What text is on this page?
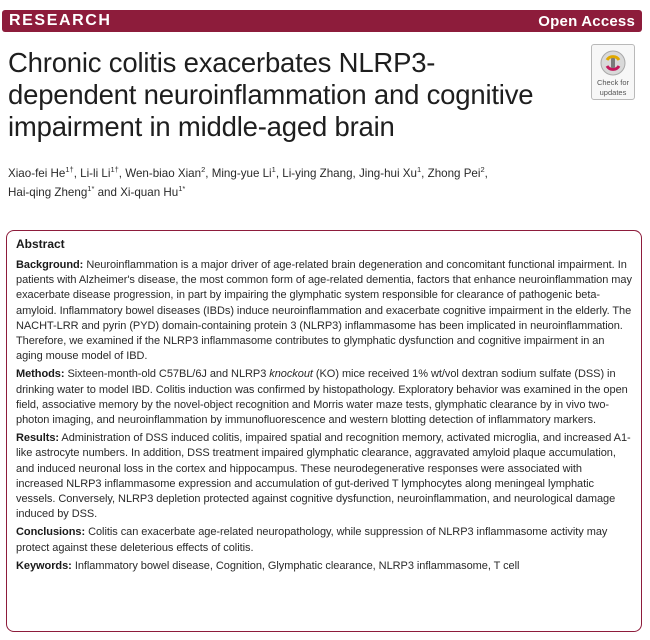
RESEARCH	Open Access
Chronic colitis exacerbates NLRP3-dependent neuroinflammation and cognitive impairment in middle-aged brain
Check for
updates
Xiao-fei $He^{1\dagger}$, Li-li $Li^{1\dagger}$, Wen-biao Xian$^2$, Ming-yue Li$^1$, Li-ying Zhang, Jing-hui Xu$^1$, Zhong Pei$^2$,
Hai-qing Zheng$^{1*}$ and Xi-quan $Hu^{1*}$
Abstract

Background: Neuroinflammation is a major driver of age-related brain degeneration and concomitant functional impairment. In patients with Alzheimer's disease, the most common form of age-related dementia, factors that enhance neuroinflammation may exacerbate disease progression, in part by impairing the glymphatic system responsible for clearance of pathogenic beta-amyloid. Inflammatory bowel diseases (IBDs) induce neuroinflammation and exacerbate cognitive impairment in the elderly. The NACHT-LRR and pyrin (PYD) domain-containing protein 3 (NLRP3) inflammasome has been implicated in neuroinflammation. Therefore, we examined if the NLRP3 inflammasome contributes to glymphatic dysfunction and cognitive impairment in an aging mouse model of IBD.

Methods: Sixteen-month-old C57BL/6J and NLRP3 knockout (KO) mice received 1% wt/vol dextran sodium sulfate (DSS) in drinking water to model IBD. Colitis induction was confirmed by histopathology. Exploratory behavior was examined in the open field, associative memory by the novel-object recognition and Morris water maze tests, glymphatic clearance by in vivo two-photon imaging, and neuroinflammation by immunofluorescence and western blotting detection of inflammatory markers.

Results: Administration of DSS induced colitis, impaired spatial and recognition memory, activated microglia, and increased A1-like astrocyte numbers. In addition, DSS treatment impaired glymphatic clearance, aggravated amyloid plaque accumulation, and induced neuronal loss in the cortex and hippocampus. These neurodegenerative responses were associated with increased NLRP3 inflammasome expression and accumulation of gut-derived T lymphocytes along meningeal lymphatic vessels. Conversely, NLRP3 depletion protected against cognitive dysfunction, neuroinflammation, and neurological damage induced by DSS.

Conclusions: Colitis can exacerbate age-related neuropathology, while suppression of NLRP3 inflammasome activity may protect against these deleterious effects of colitis.

Keywords: Inflammatory bowel disease, Cognition, Glymphatic clearance, NLRP3 inflammasome, T cell
